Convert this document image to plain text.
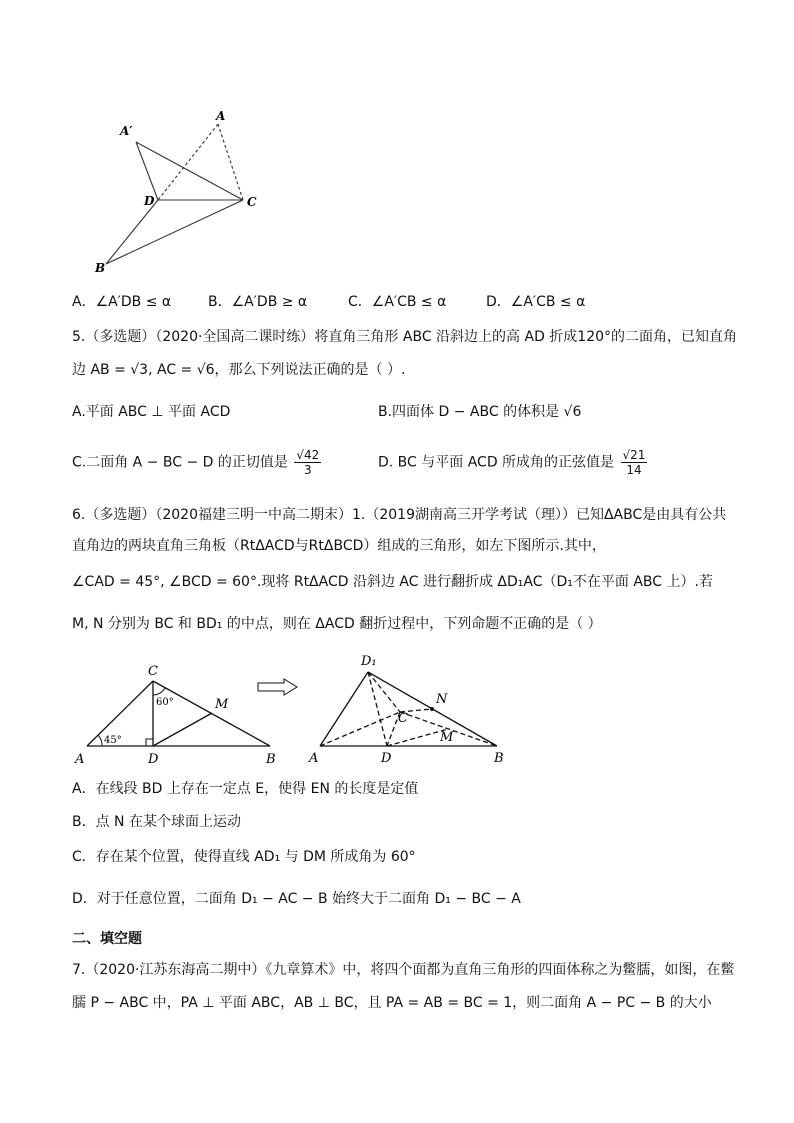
A′
A
D	C
B
A．∠A′DB ≤ α	B．∠A′DB ≥ α	C．∠A′CB ≤ α	D．∠A′CB ≤ α
5.（多选题）（2020·全国高二课时练）将直角三角形 ABC 沿斜边上的高 AD 折成120°的二面角，已知直角
边 AB = √3, AC = √6，那么下列说法正确的是（ ）.
A.平面 ABC ⊥ 平面 ACD	B.四面体 D − ABC 的体积是 √6
C.二面角 A − BC − D 的正切值是 $\frac{√42}{3}$	D. BC 与平面 ACD 所成角的正弦值是 $\frac{√21}{14}$
6.（多选题）（2020福建三明一中高二期末）1.（2019湖南高三开学考试（理））已知ΔABC是由具有公共
直角边的两块直角三角板（RtΔACD与RtΔBCD）组成的三角形，如左下图所示.其中，
∠CAD = 45°, ∠BCD = 60°.现将 RtΔACD 沿斜边 AC 进行翻折成 ΔD₁AC（D₁不在平面 ABC 上）.若
M, N 分别为 BC 和 BD₁ 的中点，则在 ΔACD 翻折过程中，下列命题不正确的是（ ）
C
60°	M
45°
A	D	B
D₁
N
C
M
A	D	B
A．在线段 BD 上存在一定点 E，使得 EN 的长度是定值
B．点 N 在某个球面上运动
C．存在某个位置，使得直线 AD₁ 与 DM 所成角为 60°
D．对于任意位置，二面角 D₁ − AC − B 始终大于二面角 D₁ − BC − A
二、填空题
7.（2020·江苏东海高二期中）《九章算术》中，将四个面都为直角三角形的四面体称之为鳖臑，如图，在鳖
臑 P − ABC 中，PA ⊥ 平面 ABC，AB ⊥ BC，且 PA = AB = BC = 1，则二面角 A − PC − B 的大小
